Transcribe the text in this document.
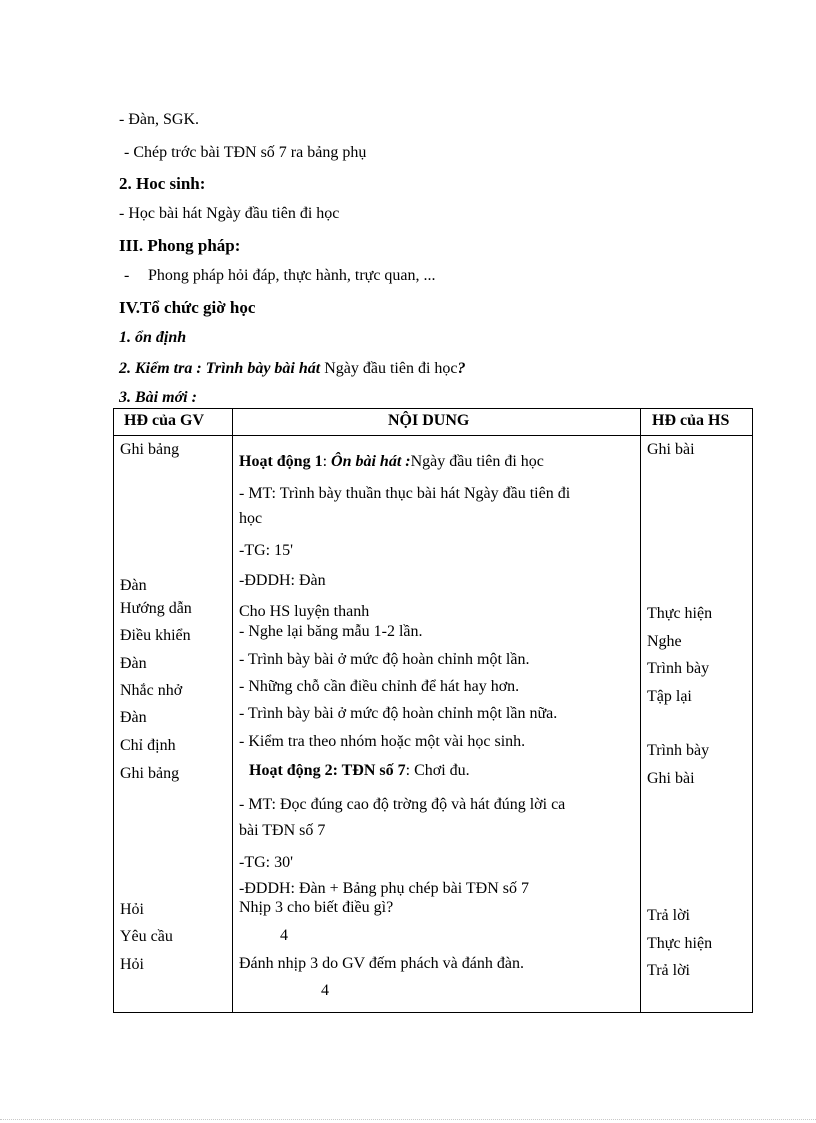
- Đàn, SGK.
- Chép trớc bài TĐN số 7 ra bảng phụ
2. Hoc sinh:
- Học bài hát Ngày đầu tiên đi học
III. Phong pháp:
- Phong pháp hỏi đáp, thực hành, trực quan, ...
IV.Tổ chức giờ học
1. ổn định
2. Kiểm tra : Trình bày bài hát Ngày đầu tiên đi học?
3. Bài mới :
HĐ của GV	NỘI DUNG	HĐ của HS
Ghi bảng
Đàn
Hướng dẫn
Điều khiển
Đàn
Nhắc nhở
Đàn
Chỉ định
Ghi bảng
Hỏi
Yêu cầu
Hỏi
Ghi bài
Thực hiện
Nghe
Trình bày
Tập lại
Trình bày
Ghi bài
Trả lời
Thực hiện
Trả lời
Hoạt động 1: Ôn bài hát :Ngày đầu tiên đi học
- MT: Trình bày thuần thục bài hát Ngày đầu tiên đi
học
-TG: 15'
-ĐDDH: Đàn
Cho HS luyện thanh
- Nghe lại băng mẫu 1-2 lần.
- Trình bày bài ở mức độ hoàn chỉnh một lần.
- Những chỗ cần điều chỉnh để hát hay hơn.
- Trình bày bài ở mức độ hoàn chỉnh một lần nữa.
- Kiểm tra theo nhóm hoặc một vài học sinh.
Hoạt động 2: TĐN số 7: Chơi đu.
- MT: Đọc đúng cao độ trờng độ và hát đúng lời ca
bài TĐN số 7
-TG: 30'
-ĐDDH: Đàn + Bảng phụ chép bài TĐN số 7
Nhịp 3 cho biết điều gì?
4
Đánh nhịp 3 do GV đếm phách và đánh đàn.
4
